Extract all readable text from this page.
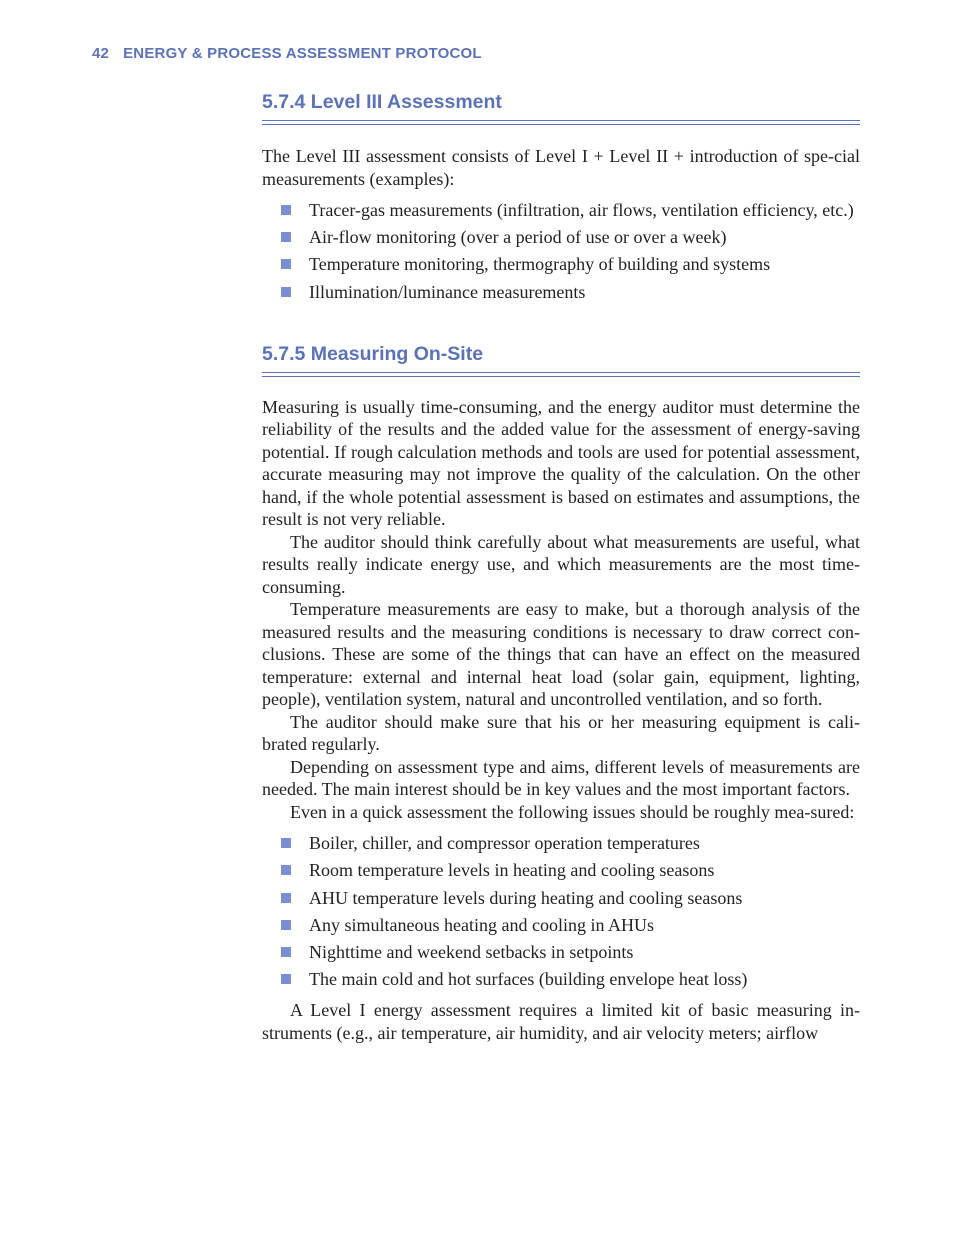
42 ENERGY & PROCESS ASSESSMENT PROTOCOL
5.7.4 Level III Assessment

The Level III assessment consists of Level I + Level II + introduction of spe-cial measurements (examples):

Tracer-gas measurements (infiltration, air flows, ventilation efficiency, etc.)
Air-flow monitoring (over a period of use or over a week)
Temperature monitoring, thermography of building and systems
Illumination/luminance measurements
5.7.5 Measuring On-Site

Measuring is usually time-consuming, and the energy auditor must determine the reliability of the results and the added value for the assessment of energy-saving potential. If rough calculation methods and tools are used for potential assessment, accurate measuring may not improve the quality of the calculation. On the other hand, if the whole potential assessment is based on estimates and assumptions, the result is not very reliable.

The auditor should think carefully about what measurements are useful, what results really indicate energy use, and which measurements are the most time-consuming.

Temperature measurements are easy to make, but a thorough analysis of the measured results and the measuring conditions is necessary to draw correct con-clusions. These are some of the things that can have an effect on the measured temperature: external and internal heat load (solar gain, equipment, lighting, people), ventilation system, natural and uncontrolled ventilation, and so forth.

The auditor should make sure that his or her measuring equipment is cali-brated regularly.

Depending on assessment type and aims, different levels of measurements are needed. The main interest should be in key values and the most important factors.

Even in a quick assessment the following issues should be roughly mea-sured:

Boiler, chiller, and compressor operation temperatures
Room temperature levels in heating and cooling seasons
AHU temperature levels during heating and cooling seasons
Any simultaneous heating and cooling in AHUs
Nighttime and weekend setbacks in setpoints
The main cold and hot surfaces (building envelope heat loss)

A Level I energy assessment requires a limited kit of basic measuring in-struments (e.g., air temperature, air humidity, and air velocity meters; airflow
